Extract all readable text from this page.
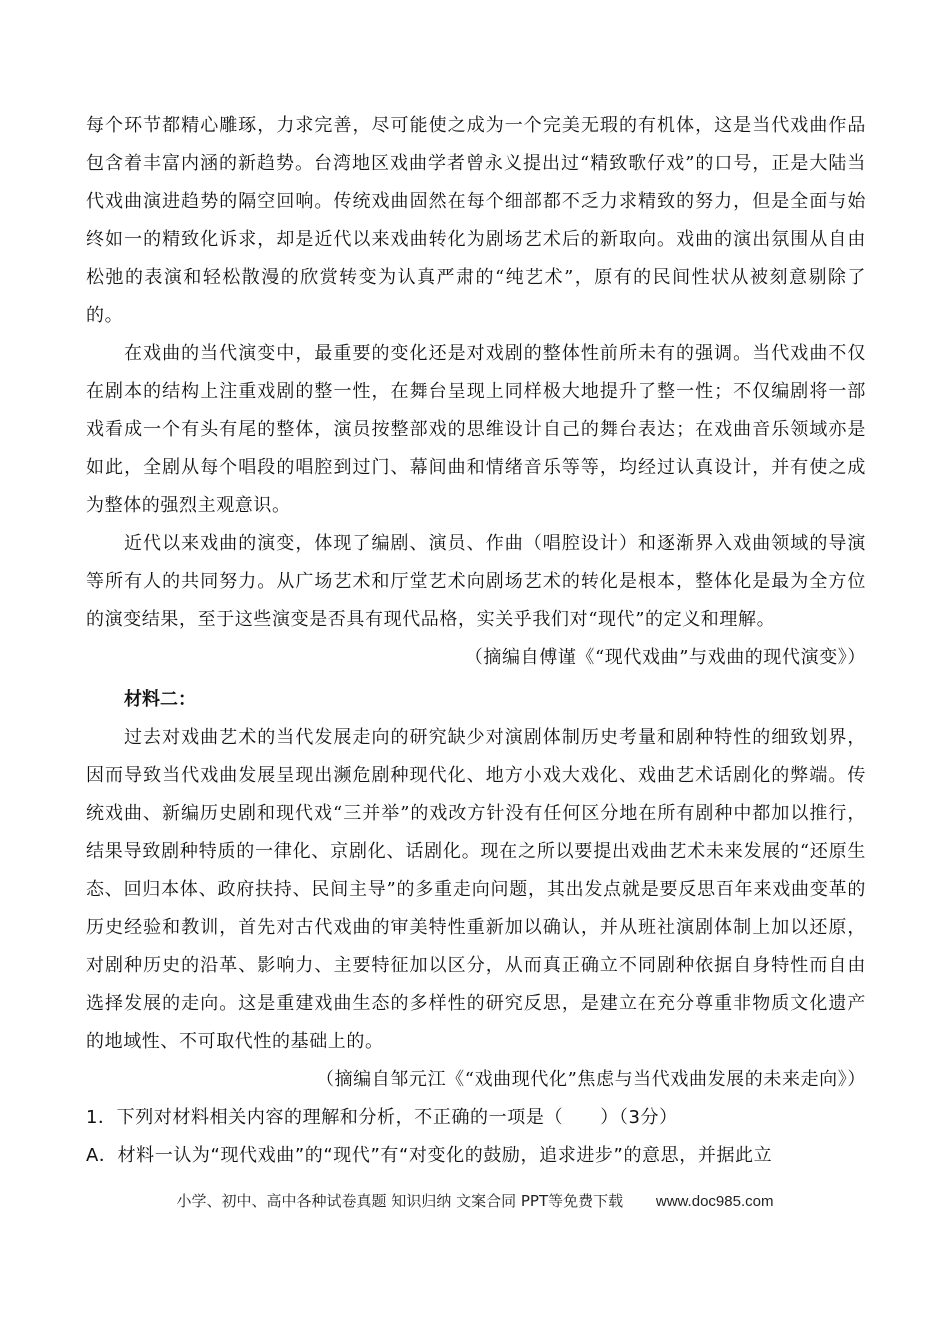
每个环节都精心雕琢，力求完善，尽可能使之成为一个完美无瑕的有机体，这是当代戏曲作品包含着丰富内涵的新趋势。台湾地区戏曲学者曾永义提出过“精致歌仔戏”的口号，正是大陆当代戏曲演进趋势的隔空回响。传统戏曲固然在每个细部都不乏力求精致的努力，但是全面与始终如一的精致化诉求，却是近代以来戏曲转化为剧场艺术后的新取向。戏曲的演出氛围从自由松弛的表演和轻松散漫的欣赏转变为认真严肃的“纯艺术”，原有的民间性状从被刻意剔除了的。

在戏曲的当代演变中，最重要的变化还是对戏剧的整体性前所未有的强调。当代戏曲不仅在剧本的结构上注重戏剧的整一性，在舞台呈现上同样极大地提升了整一性；不仅编剧将一部戏看成一个有头有尾的整体，演员按整部戏的思维设计自己的舞台表达；在戏曲音乐领域亦是如此，全剧从每个唱段的唱腔到过门、幕间曲和情绪音乐等等，均经过认真设计，并有使之成为整体的强烈主观意识。

近代以来戏曲的演变，体现了编剧、演员、作曲（唱腔设计）和逐渐界入戏曲领域的导演等所有人的共同努力。从广场艺术和厅堂艺术向剧场艺术的转化是根本，整体化是最为全方位的演变结果，至于这些演变是否具有现代品格，实关乎我们对“现代”的定义和理解。

（摘编自傅谨《“现代戏曲”与戏曲的现代演变》）

材料二：

过去对戏曲艺术的当代发展走向的研究缺少对演剧体制历史考量和剧种特性的细致划界，因而导致当代戏曲发展呈现出濒危剧种现代化、地方小戏大戏化、戏曲艺术话剧化的弊端。传统戏曲、新编历史剧和现代戏“三并举”的戏改方针没有任何区分地在所有剧种中都加以推行，结果导致剧种特质的一律化、京剧化、话剧化。现在之所以要提出戏曲艺术未来发展的“还原生态、回归本体、政府扶持、民间主导”的多重走向问题，其出发点就是要反思百年来戏曲变革的历史经验和教训，首先对古代戏曲的审美特性重新加以确认，并从班社演剧体制上加以还原，对剧种历史的沿革、影响力、主要特征加以区分，从而真正确立不同剧种依据自身特性而自由选择发展的走向。这是重建戏曲生态的多样性的研究反思，是建立在充分尊重非物质文化遗产的地域性、不可取代性的基础上的。

（摘编自邹元江《“戏曲现代化”焦虑与当代戏曲发展的未来走向》）

1．下列对材料相关内容的理解和分析，不正确的一项是（　　）（3分）

A．材料一认为“现代戏曲”的“现代”有“对变化的鼓励，追求进步”的意思，并据此立

小学、初中、高中各种试卷真题 知识归纳 文案合同 PPT等免费下载 www.doc985.com
